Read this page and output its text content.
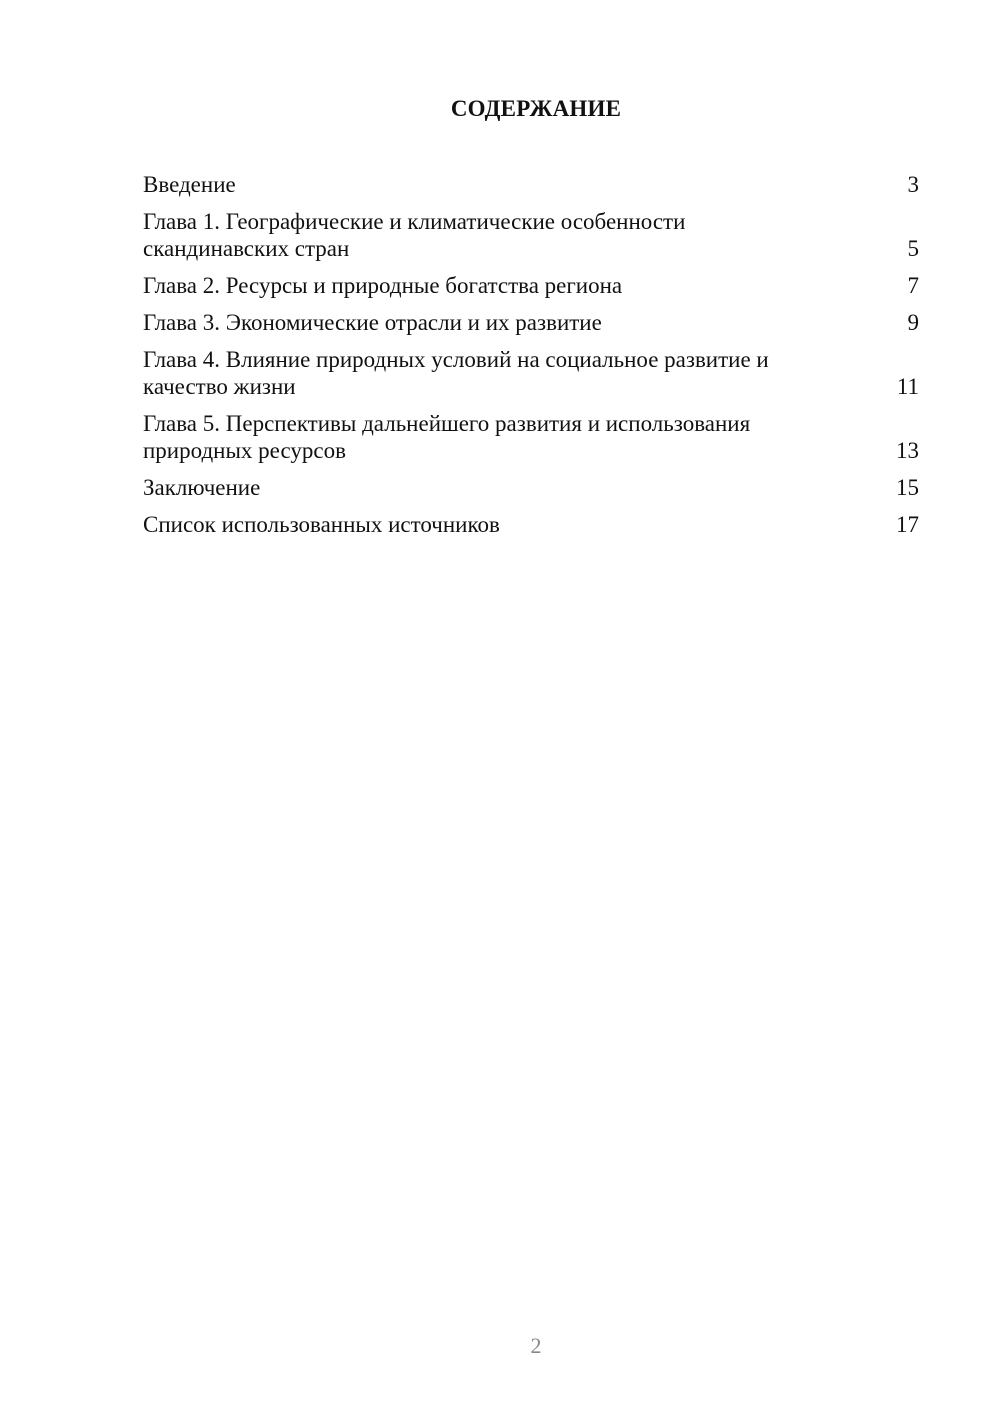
СОДЕРЖАНИЕ
Введение	3
Глава 1. Географические и климатические особенности
скандинавских стран	5
Глава 2. Ресурсы и природные богатства региона	7
Глава 3. Экономические отрасли и их развитие	9
Глава 4. Влияние природных условий на социальное развитие и
качество жизни	11
Глава 5. Перспективы дальнейшего развития и использования
природных ресурсов	13
Заключение	15
Список использованных источников	17
2
